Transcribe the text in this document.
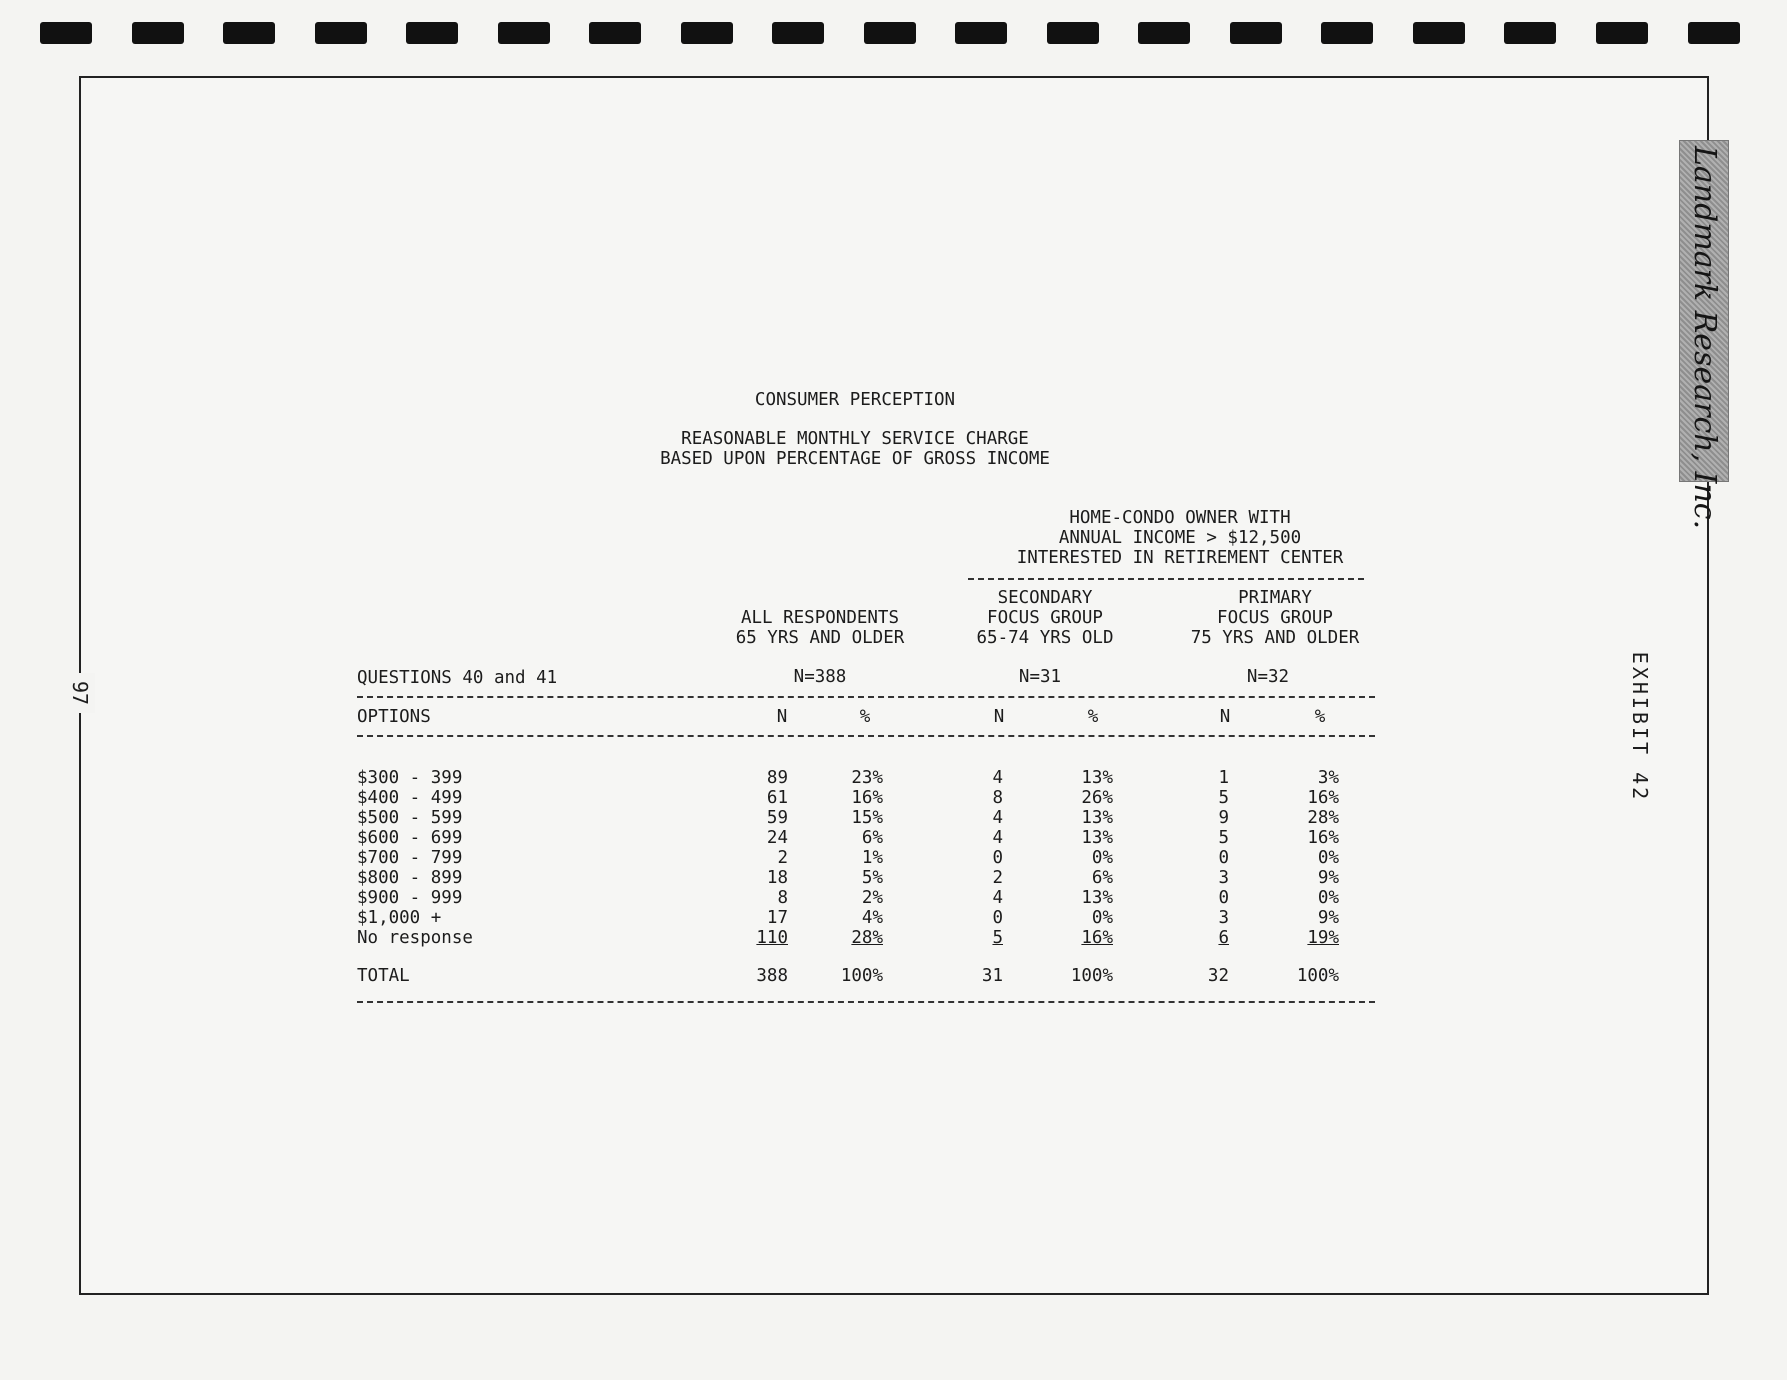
97
Landmark Research, Inc.
EXHIBIT 42
CONSUMER PERCEPTION
REASONABLE MONTHLY SERVICE CHARGE
BASED UPON PERCENTAGE OF GROSS INCOME
HOME-CONDO OWNER WITH
ANNUAL INCOME > $12,500
INTERESTED IN RETIREMENT CENTER
ALL RESPONDENTS
65 YRS AND OLDER
SECONDARY
FOCUS GROUP
65-74 YRS OLD
PRIMARY
FOCUS GROUP
75 YRS AND OLDER
QUESTIONS 40 and 41	N=388	N=31	N=32
OPTIONS	N	%	N	%	N	%
$300 - 399	89	23%	4	13%	1	3%
$400 - 499	61	16%	8	26%	5	16%
$500 - 599	59	15%	4	13%	9	28%
$600 - 699	24	6%	4	13%	5	16%
$700 - 799	2	1%	0	0%	0	0%
$800 - 899	18	5%	2	6%	3	9%
$900 - 999	8	2%	4	13%	0	0%
$1,000 +	17	4%	0	0%	3	9%
No response	110	28%	5	16%	6	19%
TOTAL	388	100%	31	100%	32	100%
